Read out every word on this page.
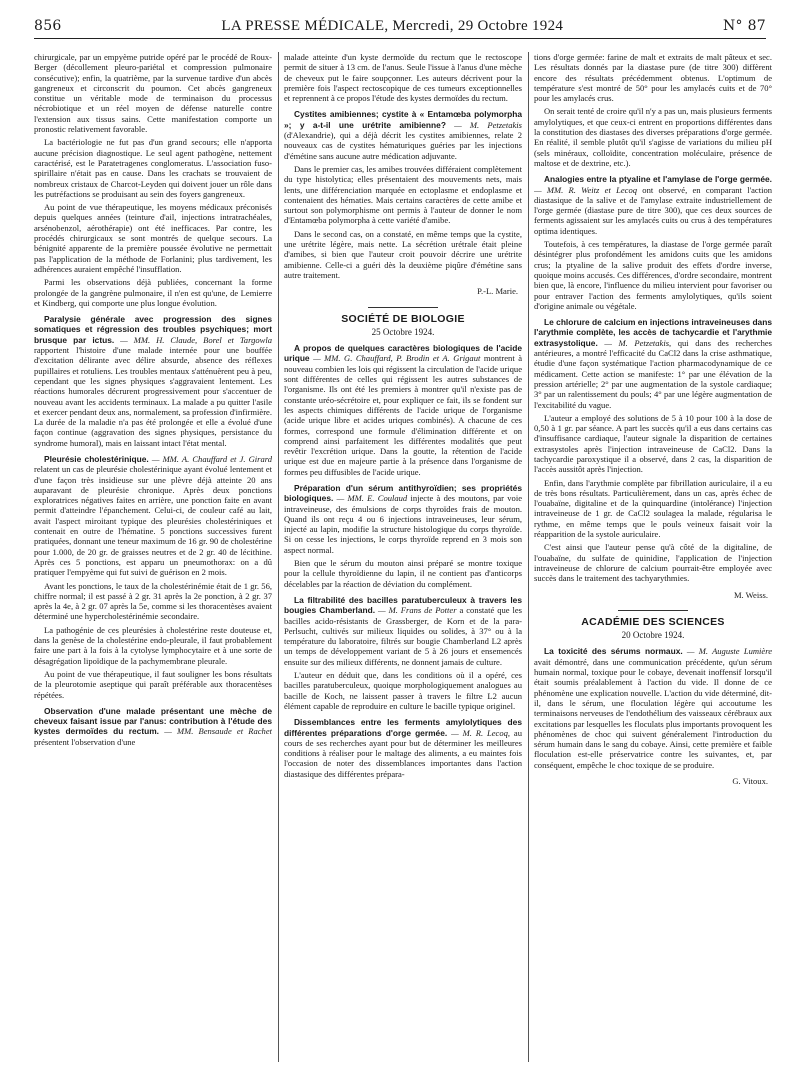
856	LA PRESSE MÉDICALE, Mercredi, 29 Octobre 1924	N° 87

chirurgicale, par un empyème putride opéré par le procédé de Roux-Berger (décollement pleuro-pariétal et compression pulmonaire consécutive); enfin, la quatrième, par la survenue tardive d'un abcès gangreneux et circonscrit du poumon. Cet abcès gangreneux constitue un véritable mode de terminaison du processus nécrobiotique et un réel moyen de défense naturelle contre l'extension aux tissus sains. Cette manifestation comporte un pronostic relativement favorable.

La bactériologie ne fut pas d'un grand secours; elle n'apporta aucune précision diagnostique. Le seul agent pathogène, nettement caractérisé, est le Paratetragenes conglomeratus. L'association fuso-spirillaire n'était pas en cause. Dans les crachats se trouvaient de nombreux cristaux de Charcot-Leyden qui doivent jouer un rôle dans les putréfactions se produisant au sein des foyers gangreneux.

Au point de vue thérapeutique, les moyens médicaux préconisés depuis quelques années (teinture d'ail, injections intratrachéales, arsénobenzol, aérothérapie) ont été inefficaces. Par contre, les procédés chirurgicaux se sont montrés de quelque secours. La bénignité apparente de la première poussée évolutive ne permettait pas l'application de la méthode de Forlanini; plus tardivement, les adhérences auraient empêché l'insufflation.

Parmi les observations déjà publiées, concernant la forme prolongée de la gangrène pulmonaire, il n'en est qu'une, de Lemierre et Kindberg, qui comporte une plus longue évolution.

Paralysie générale avec progression des signes somatiques et régression des troubles psychiques; mort brusque par ictus. — MM. H. Claude, Borel et Targowla rapportent l'histoire d'une malade internée pour une bouffée d'excitation délirante avec délire absurde, absence des réflexes pupillaires et rotuliens. Les troubles mentaux s'atténuèrent peu à peu, cependant que les signes physiques s'aggravaient lentement. Les réactions humorales décrurent progressivement pour s'accentuer de nouveau avant les accidents terminaux. La malade a pu quitter l'asile et exercer pendant deux ans, normalement, sa profession d'infirmière. La durée de la maladie n'a pas été prolongée et elle a évolué d'une façon continue (aggravation des signes physiques, persistance du syndrome humoral), mais en laissant intact l'état mental.

Pleurésie cholestérinique. — MM. A. Chauffard et J. Girard relatent un cas de pleurésie cholestérinique ayant évolué lentement et d'une façon très insidieuse sur une plèvre déjà atteinte 20 ans auparavant de pleurésie chronique. Après deux ponctions exploratrices négatives faites en arrière, une ponction faite en avant permit d'atteindre l'épanchement. Celui-ci, de couleur café au lait, avait l'aspect miroitant typique des pleurésies cholestériniques et contenait en outre de l'hématine. 5 ponctions successives furent pratiquées, donnant une teneur maximum de 16 gr. 90 de cholestérine pour 1.000, de 20 gr. de graisses neutres et de 2 gr. 40 de lécithine. Après ces 5 ponctions, est apparu un pneumothorax: on a dû pratiquer l'empyème qui fut suivi de guérison en 2 mois.

Avant les ponctions, le taux de la cholestérinémie était de 1 gr. 56, chiffre normal; il est passé à 2 gr. 31 après la 2e ponction, à 2 gr. 37 après la 4e, à 2 gr. 07 après la 5e, comme si les thoracentèses avaient déterminé une hypercholestérinémie secondaire.

La pathogénie de ces pleurésies à cholestérine reste douteuse et, dans la genèse de la cholestérine endo-pleurale, il faut probablement faire une part à la fois à la cytolyse lymphocytaire et à une sorte de désagrégation lipoïdique de la pachymembrane pleurale.

Au point de vue thérapeutique, il faut souligner les bons résultats de la pleurotomie aseptique qui paraît préférable aux thoracentèses répétées.

Observation d'une malade présentant une mèche de cheveux faisant issue par l'anus: contribution à l'étude des kystes dermoïdes du rectum. — MM. Bensaude et Rachet présentent l'observation d'une

malade atteinte d'un kyste dermoïde du rectum que le rectoscope permit de situer à 13 cm. de l'anus. Seule l'issue à l'anus d'une mèche de cheveux put le faire soupçonner. Les auteurs décrivent pour la première fois l'aspect rectoscopique de ces tumeurs exceptionnelles et reprennent à ce propos l'étude des kystes dermoïdes du rectum.

Cystites amibiennes; cystite à « Entamœba polymorpha »; y a-t-il une urétrite amibienne? — M. Petzetakis (d'Alexandrie), qui a déjà décrit les cystites amibiennes, relate 2 nouveaux cas de cystites hématuriques guéries par les injections d'émétine sans aucune autre médication adjuvante.

Dans le premier cas, les amibes trouvées différaient complètement du type histolytica; elles présentaient des mouvements nets, mais lents, une différenciation marquée en ectoplasme et endoplasme et contenaient des hématies. Mais certains caractères de cette amibe et surtout son polymorphisme ont permis à l'auteur de donner le nom d'Entamœba polymorpha à cette variété d'amibe.

Dans le second cas, on a constaté, en même temps que la cystite, une urétrite légère, mais nette. La sécrétion urétrale était pleine d'amibes, si bien que l'auteur croit pouvoir décrire une urétrite amibienne. Celle-ci a guéri dès la deuxième piqûre d'émétine sans autre traitement.

P.-L. Marie.

SOCIÉTÉ DE BIOLOGIE
25 Octobre 1924.

A propos de quelques caractères biologiques de l'acide urique — MM. G. Chauffard, P. Brodin et A. Grigaut montrent à nouveau combien les lois qui régissent la circulation de l'acide urique sont différentes de celles qui régissent les autres substances de l'organisme. Ils ont été les premiers à montrer qu'il n'existe pas de constante uréo-sécrétoire et, pour expliquer ce fait, ils se fondent sur les aspects chimiques différents de l'acide urique de l'organisme (acide urique libre et acides uriques combinés). A chacune de ces formes, correspond une formule d'élimination différente et on comprend ainsi parfaitement les différentes modalités que peut revêtir l'excrétion urique. Dans la goutte, la rétention de l'acide urique est due en majeure partie à la présence dans l'organisme de formes peu diffusibles de l'acide urique.

Préparation d'un sérum antithyroïdien; ses propriétés biologiques. — MM. E. Coulaud injecte à des moutons, par voie intraveineuse, des émulsions de corps thyroïdes frais de mouton. Quand ils ont reçu 4 ou 6 injections intraveineuses, leur sérum, injecté au lapin, modifie la structure histologique du corps thyroïde. Si on cesse les injections, le corps thyroïde reprend en 3 mois son aspect normal.

Bien que le sérum du mouton ainsi préparé se montre toxique pour la cellule thyroïdienne du lapin, il ne contient pas d'anticorps décelables par la réaction de déviation du complément.

La filtrabilité des bacilles paratuberculeux à travers les bougies Chamberland. — M. Frans de Potter a constaté que les bacilles acido-résistants de Grassberger, de Korn et de la para-Perlsucht, cultivés sur milieux liquides ou solides, à 37° ou à la température du laboratoire, filtrés sur bougie Chamberland L2 après un temps de développement variant de 5 à 26 jours et ensemencés ensuite sur des milieux différents, ne donnent jamais de culture.

L'auteur en déduit que, dans les conditions où il a opéré, ces bacilles paratuberculeux, quoique morphologiquement analogues au bacille de Koch, ne laissent passer à travers le filtre L2 aucun élément capable de reproduire en culture le bacille typique originel.

Dissemblances entre les ferments amylolytiques des différentes préparations d'orge germée. — M. R. Lecoq, au cours de ses recherches ayant pour but de déterminer les meilleures conditions à réaliser pour le maltage des aliments, a eu maintes fois l'occasion de noter des dissemblances importantes dans l'action diastasique des différentes prépara-

tions d'orge germée: farine de malt et extraits de malt pâteux et sec. Les résultats donnés par la diastase pure (de titre 300) diffèrent encore des résultats précédemment obtenus. L'optimum de température s'est montré de 50° pour les amylacés cuits et de 70° pour les amylacés crus.

On serait tenté de croire qu'il n'y a pas un, mais plusieurs ferments amylolytiques, et que ceux-ci entrent en proportions différentes dans la constitution des diastases des diverses préparations d'orge germée. En réalité, il semble plutôt qu'il s'agisse de variations du milieu pH (sels minéraux, colloïdite, concentration moléculaire, présence de maltose et de dextrine, etc.).

Analogies entre la ptyaline et l'amylase de l'orge germée. — MM. R. Weitz et Lecoq ont observé, en comparant l'action diastasique de la salive et de l'amylase extraite industriellement de l'orge germée (diastase pure de titre 300), que ces deux sources de ferments agissaient sur les amylacés cuits ou crus à des températures optima identiques.

Toutefois, à ces températures, la diastase de l'orge germée paraît désintégrer plus profondément les amidons cuits que les amidons crus; la ptyaline de la salive produit des effets d'ordre inverse, quoique moins accusés. Ces différences, d'ordre secondaire, montrent bien que, là encore, l'influence du milieu intervient pour favoriser ou pour entraver l'action des ferments amylolytiques, qu'ils soient d'origine animale ou végétale.

Le chlorure de calcium en injections intraveineuses dans l'arythmie complète, les accès de tachycardie et l'arythmie extrasystolique. — M. Petzetakis, qui dans des recherches antérieures, a montré l'efficacité du CaCl2 dans la crise asthmatique, étudie d'une façon systématique l'action pharmacodynamique de ce médicament. Cette action se manifeste: 1° par une élévation de la pression artérielle; 2° par une augmentation de la systole cardiaque; 3° par un ralentissement du pouls; 4° par une légère augmentation de l'excitabilité du vague.

L'auteur a employé des solutions de 5 à 10 pour 100 à la dose de 0,50 à 1 gr. par séance. A part les succès qu'il a eus dans certains cas d'insuffisance cardiaque, l'auteur signale la disparition de certaines extrasystoles après l'injection intraveineuse de CaCl2. Dans la tachycardie paroxystique il a observé, dans 2 cas, la disparition de l'accès aussitôt après l'injection.

Enfin, dans l'arythmie complète par fibrillation auriculaire, il a eu de très bons résultats. Particulièrement, dans un cas, après échec de l'ouabaïne, digitaline et de la quinquardine (intolérance) l'injection intraveineuse de 1 gr. de CaCl2 soulagea la malade, régularisa le rythme, en même temps que le pouls veineux faisait voir la réapparition de la systole auriculaire.

C'est ainsi que l'auteur pense qu'à côté de la digitaline, de l'ouabaïne, du sulfate de quinidine, l'application de l'injection intraveineuse de chlorure de calcium pourrait-être employée avec succès dans le traitement des tachyarythmies.

M. Weiss.

ACADÉMIE DES SCIENCES
20 Octobre 1924.

La toxicité des sérums normaux. — M. Auguste Lumière avait démontré, dans une communication précédente, qu'un sérum humain normal, toxique pour le cobaye, devenait inoffensif lorsqu'il était soumis préalablement à l'action du vide. Il donne de ce phénomène une explication nouvelle. L'action du vide déterminé, dit-il, dans le sérum, une floculation légère qui accoutume les terminaisons nerveuses de l'endothélium des vaisseaux cérébraux aux excitations par lesquelles les floculats plus importants provoquent les phénomènes de choc qui suivent généralement l'introduction du sérum humain dans le sang du cobaye. Ainsi, cette première et faible floculation est-elle préservatrice contre les suivantes, et, par conséquent, empêche le choc toxique de se produire.

G. Vitoux.
